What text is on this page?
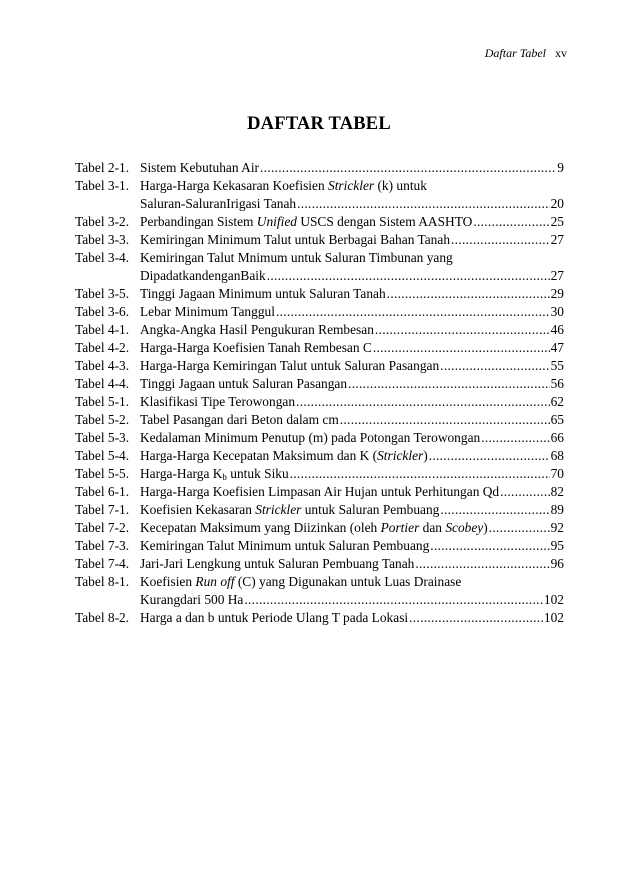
Daftar Tabel xv
DAFTAR TABEL
Tabel 2-1. Sistem Kebutuhan Air .....	9
Tabel 3-1. Harga-Harga Kekasaran Koefisien Strickler (k) untuk
Saluran-SaluranIrigasi Tanah .....	20
Tabel 3-2. Perbandingan Sistem Unified USCS dengan Sistem AASHTO .....	25
Tabel 3-3. Kemiringan Minimum Talut untuk Berbagai Bahan Tanah .....	27
Tabel 3-4. Kemiringan Talut Mnimum untuk Saluran Timbunan yang
DipadatkandenganBaik .....	27
Tabel 3-5. Tinggi Jagaan Minimum untuk Saluran Tanah .....	29
Tabel 3-6. Lebar Minimum Tanggul .....	30
Tabel 4-1. Angka-Angka Hasil Pengukuran Rembesan .....	46
Tabel 4-2. Harga-Harga Koefisien Tanah Rembesan C .....	47
Tabel 4-3. Harga-Harga Kemiringan Talut untuk Saluran Pasangan .....	55
Tabel 4-4. Tinggi Jagaan untuk Saluran Pasangan .....	56
Tabel 5-1. Klasifikasi Tipe Terowongan .....	62
Tabel 5-2. Tabel Pasangan dari Beton dalam cm .....	65
Tabel 5-3. Kedalaman Minimum Penutup (m) pada Potongan Terowongan .....	66
Tabel 5-4. Harga-Harga Kecepatan Maksimum dan K (Strickler) .....	68
Tabel 5-5. Harga-Harga $K_b$ untuk Siku .....	70
Tabel 6-1. Harga-Harga Koefisien Limpasan Air Hujan untuk Perhitungan Qd .....	82
Tabel 7-1. Koefisien Kekasaran Strickler untuk Saluran Pembuang .....	89
Tabel 7-2. Kecepatan Maksimum yang Diizinkan (oleh Portier dan Scobey) .....	92
Tabel 7-3. Kemiringan Talut Minimum untuk Saluran Pembuang .....	95
Tabel 7-4. Jari-Jari Lengkung untuk Saluran Pembuang Tanah .....	96
Tabel 8-1. Koefisien Run off (C) yang Digunakan untuk Luas Drainase
Kurangdari 500 Ha .....	102
Tabel 8-2. Harga a dan b untuk Periode Ulang T pada Lokasi .....	102
